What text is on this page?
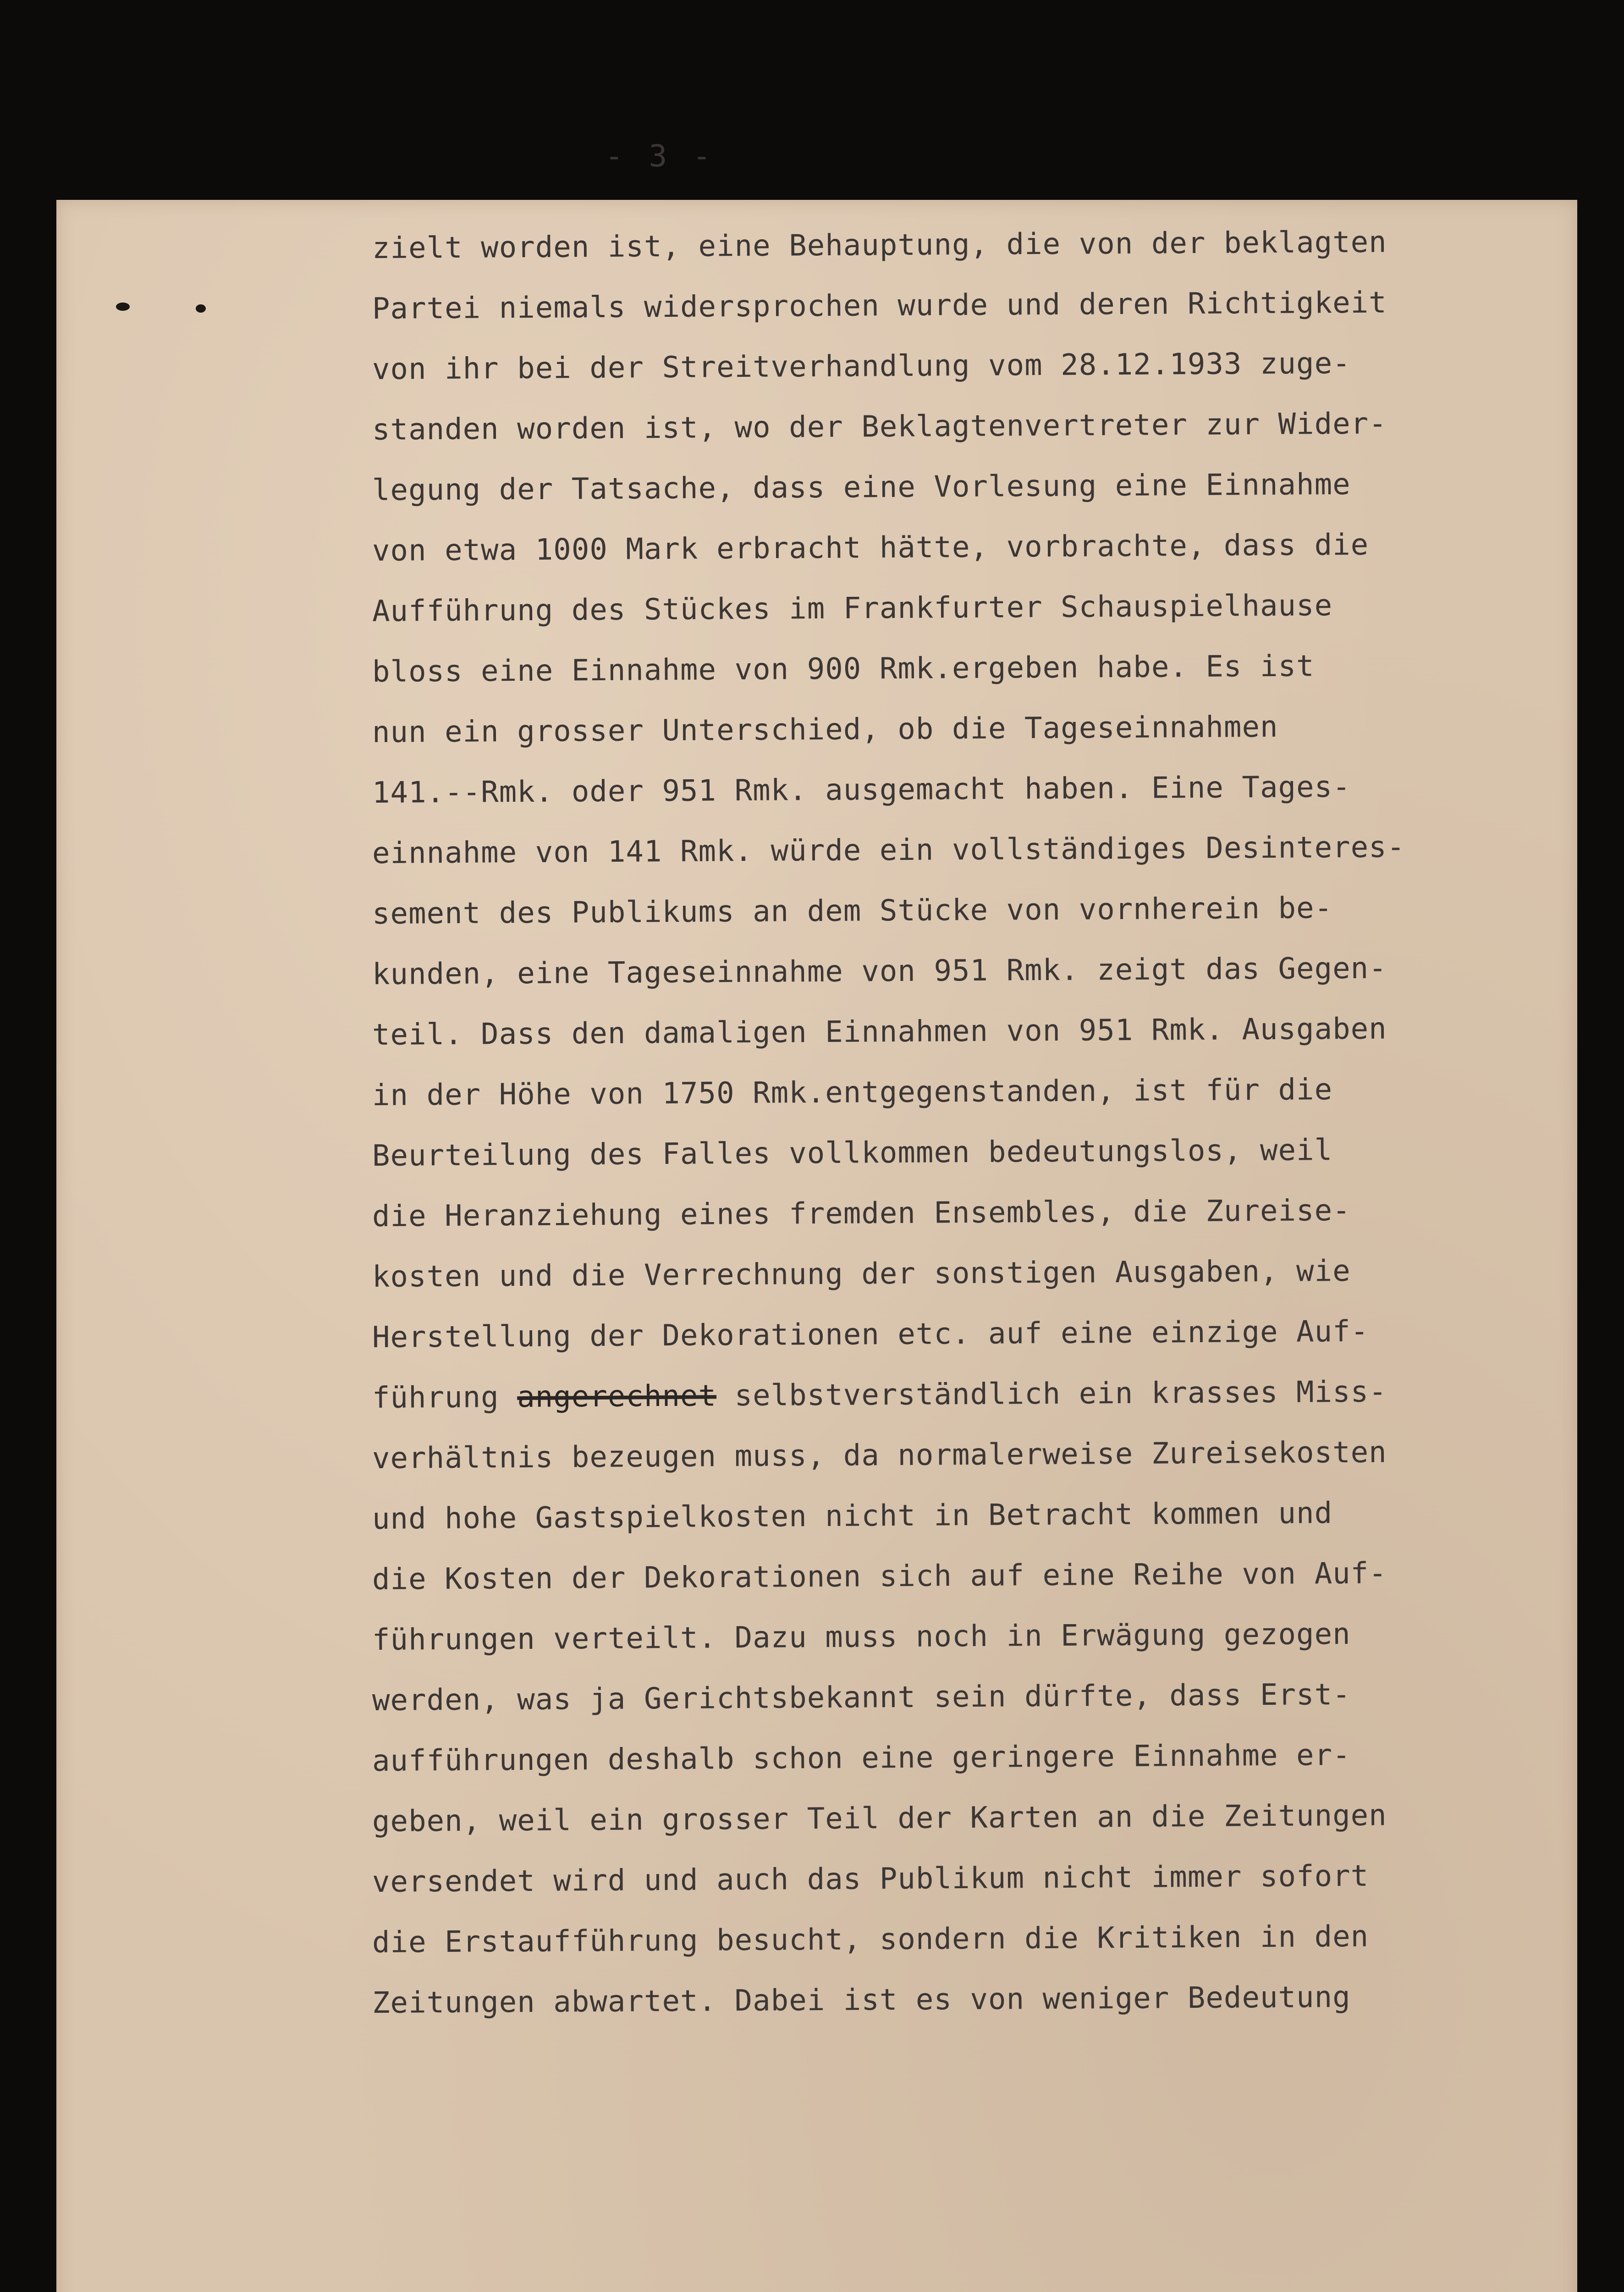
- 3 -
zielt worden ist, eine Behauptung, die von der beklagten
Partei niemals widersprochen wurde und deren Richtigkeit
von ihr bei der Streitverhandlung vom 28.12.1933 zuge-
standen worden ist, wo der Beklagtenvertreter zur Wider-
legung der Tatsache, dass eine Vorlesung eine Einnahme
von etwa 1000 Mark erbracht hätte, vorbrachte, dass die
Aufführung des Stückes im Frankfurter Schauspielhause
bloss eine Einnahme von 900 Rmk.ergeben habe. Es ist
nun ein grosser Unterschied, ob die Tageseinnahmen
141.--Rmk. oder 951 Rmk. ausgemacht haben. Eine Tages-
einnahme von 141 Rmk. würde ein vollständiges Desinteres-
sement des Publikums an dem Stücke von vornherein be-
kunden, eine Tageseinnahme von 951 Rmk. zeigt das Gegen-
teil. Dass den damaligen Einnahmen von 951 Rmk. Ausgaben
in der Höhe von 1750 Rmk.entgegenstanden, ist für die
Beurteilung des Falles vollkommen bedeutungslos, weil
die Heranziehung eines fremden Ensembles, die Zureise-
kosten und die Verrechnung der sonstigen Ausgaben, wie
Herstellung der Dekorationen etc. auf eine einzige Auf-
führung angerechnet selbstverständlich ein krasses Miss-
verhältnis bezeugen muss, da normalerweise Zureisekosten
und hohe Gastspielkosten nicht in Betracht kommen und
die Kosten der Dekorationen sich auf eine Reihe von Auf-
führungen verteilt. Dazu muss noch in Erwägung gezogen
werden, was ja Gerichtsbekannt sein dürfte, dass Erst-
aufführungen deshalb schon eine geringere Einnahme er-
geben, weil ein grosser Teil der Karten an die Zeitungen
versendet wird und auch das Publikum nicht immer sofort
die Erstaufführung besucht, sondern die Kritiken in den
Zeitungen abwartet. Dabei ist es von weniger Bedeutung
